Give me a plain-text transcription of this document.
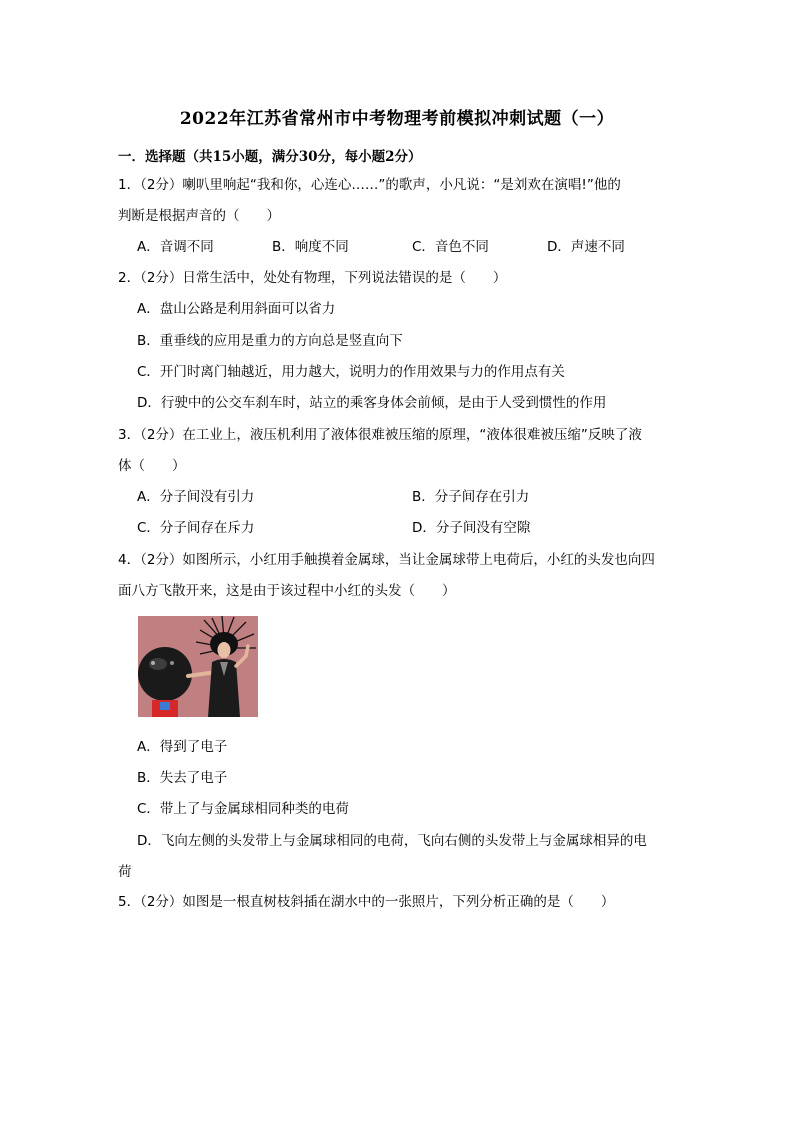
2022年江苏省常州市中考物理考前模拟冲刺试题（一）
一．选择题（共15小题，满分30分，每小题2分）
1．（2分）喇叭里响起“我和你，心连心……”的歌声，小凡说：“是刘欢在演唱!”他的
判断是根据声音的（　　）
A．音调不同	B．响度不同	C．音色不同	D．声速不同
2．（2分）日常生活中，处处有物理，下列说法错误的是（　　）
A．盘山公路是利用斜面可以省力
B．重垂线的应用是重力的方向总是竖直向下
C．开门时离门轴越近，用力越大，说明力的作用效果与力的作用点有关
D．行驶中的公交车刹车时，站立的乘客身体会前倾，是由于人受到惯性的作用
3．（2分）在工业上，液压机利用了液体很难被压缩的原理，“液体很难被压缩”反映了液
体（　　）
A．分子间没有引力	B．分子间存在引力
C．分子间存在斥力	D．分子间没有空隙
4．（2分）如图所示，小红用手触摸着金属球，当让金属球带上电荷后，小红的头发也向四
面八方飞散开来，这是由于该过程中小红的头发（　　）
A．得到了电子
B．失去了电子
C．带上了与金属球相同种类的电荷
D．飞向左侧的头发带上与金属球相同的电荷，飞向右侧的头发带上与金属球相异的电
荷
5．（2分）如图是一根直树枝斜插在湖水中的一张照片，下列分析正确的是（　　）
